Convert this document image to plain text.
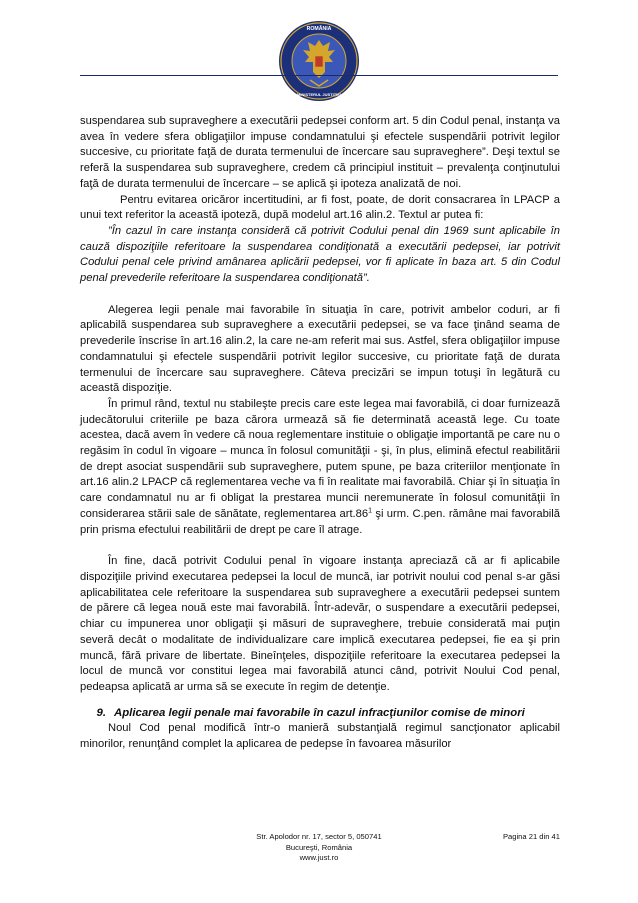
ROMÂNIA
MINISTERUL JUSTIŢIEI

suspendarea sub supraveghere a executării pedepsei conform art. 5 din Codul penal, instanţa va avea în vedere sfera obligaţiilor impuse condamnatului şi efectele suspendării potrivit legilor succesive, cu prioritate faţă de durata termenului de încercare sau supraveghere”. Deşi textul se referă la suspendarea sub supraveghere, credem că principiul instituit – prevalenţa conţinutului faţă de durata termenului de încercare – se aplică şi ipoteza analizată de noi.

Pentru evitarea oricăror incertitudini, ar fi fost, poate, de dorit consacrarea în LPACP a unui text referitor la această ipoteză, după modelul art.16 alin.2. Textul ar putea fi:

”În cazul în care instanţa consideră că potrivit Codului penal din 1969 sunt aplicabile în cauză dispoziţiile referitoare la suspendarea condiţionată a executării pedepsei, iar potrivit Codului penal cele privind amânarea aplicării pedepsei, vor fi aplicate în baza art. 5 din Codul penal prevederile referitoare la suspendarea condiţionată”.

Alegerea legii penale mai favorabile în situaţia în care, potrivit ambelor coduri, ar fi aplicabilă suspendarea sub supraveghere a executării pedepsei, se va face ţinând seama de prevederile înscrise în art.16 alin.2, la care ne-am referit mai sus. Astfel, sfera obligaţiilor impuse condamnatului şi efectele suspendării potrivit legilor succesive, cu prioritate faţă de durata termenului de încercare sau supraveghere. Câteva precizări se impun totuşi în legătură cu această dispoziţie.

În primul rând, textul nu stabileşte precis care este legea mai favorabilă, ci doar furnizează judecătorului criteriile pe baza cărora urmează să fie determinată această lege. Cu toate acestea, dacă avem în vedere că noua reglementare instituie o obligaţie importantă pe care nu o regăsim în codul în vigoare – munca în folosul comunităţii - şi, în plus, elimină efectul reabilitării de drept asociat suspendării sub supraveghere, putem spune, pe baza criteriilor menţionate în art.16 alin.2 LPACP că reglementarea veche va fi în realitate mai favorabilă. Chiar şi în situaţia în care condamnatul nu ar fi obligat la prestarea muncii neremunerate în folosul comunităţii în considerarea stării sale de sănătate, reglementarea $art.86^1$ şi urm. C.pen. rămâne mai favorabilă prin prisma efectului reabilitării de drept pe care îl atrage.

În fine, dacă potrivit Codului penal în vigoare instanţa apreciază că ar fi aplicabile dispoziţiile privind executarea pedepsei la locul de muncă, iar potrivit noului cod penal s-ar găsi aplicabilitatea cele referitoare la suspendarea sub supraveghere a executării pedepsei suntem de părere că legea nouă este mai favorabilă. Într-adevăr, o suspendare a executării pedepsei, chiar cu impunerea unor obligaţii şi măsuri de supraveghere, trebuie considerată mai puţin severă decât o modalitate de individualizare care implică executarea pedepsei, fie ea şi prin muncă, fără privare de libertate. Bineînţeles, dispoziţiile referitoare la executarea pedepsei la locul de muncă vor constitui legea mai favorabilă atunci când, potrivit Noului Cod penal, pedeapsa aplicată ar urma să se execute în regim de detenţie.

9. Aplicarea legii penale mai favorabile în cazul infracţiunilor comise de minori

Noul Cod penal modifică într-o manieră substanţială regimul sancţionator aplicabil minorilor, renunţând complet la aplicarea de pedepse în favoarea măsurilor

Str. Apolodor nr. 17, sector 5, 050741
Bucureşti, România
www.just.ro
Pagina 21 din 41
